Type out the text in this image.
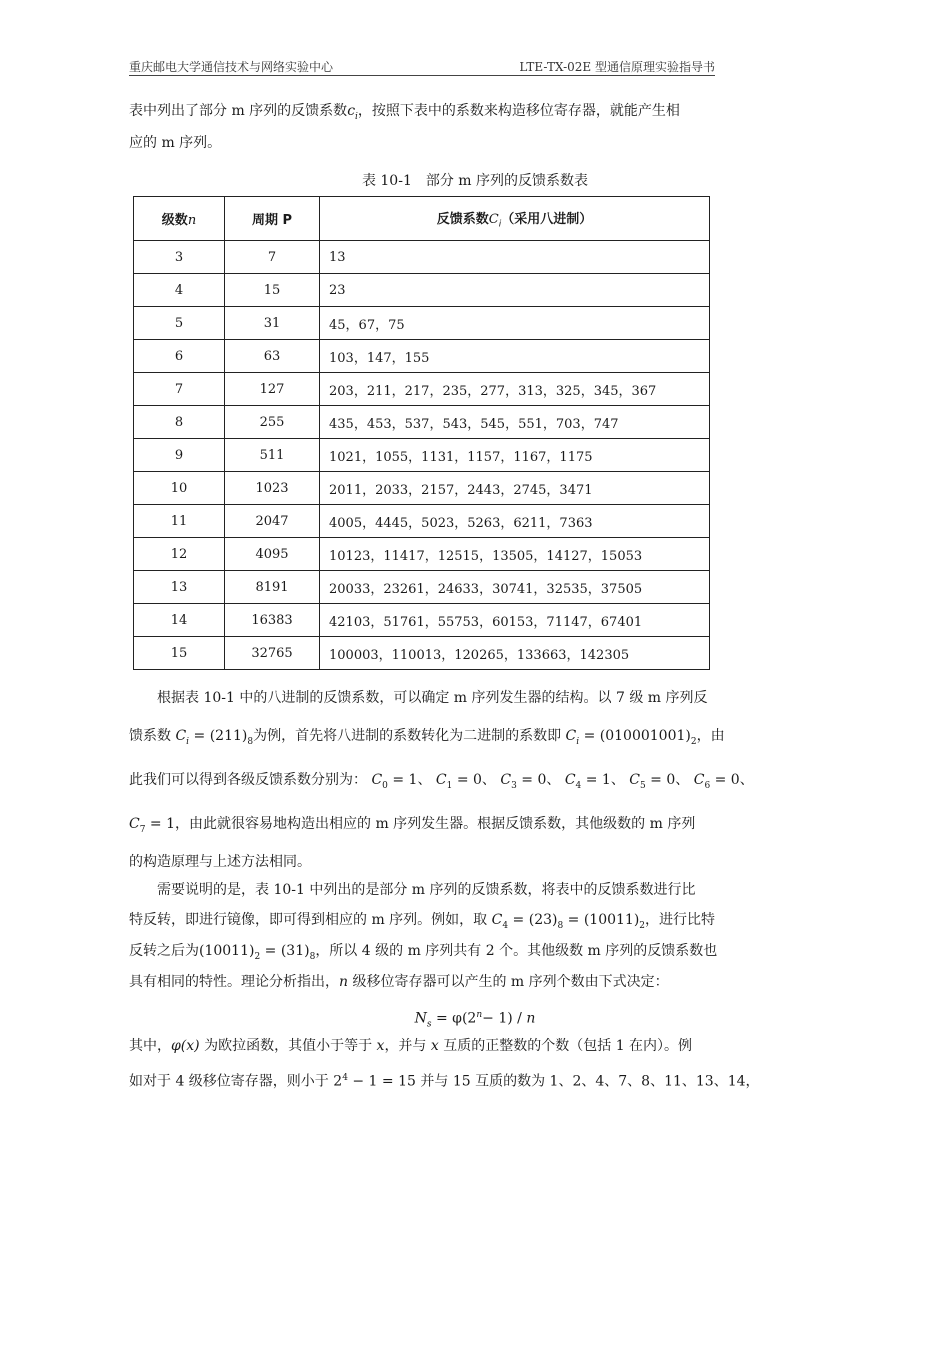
重庆邮电大学通信技术与网络实验中心	LTE-TX-02E 型通信原理实验指导书
表中列出了部分 m 序列的反馈系数$c_i$，按照下表中的系数来构造移位寄存器，就能产生相
应的 m 序列。
表 10-1　部分 m 序列的反馈系数表
级数n	周期 P	反馈系数$C_i$（采用八进制）
3	7	13
4	15	23
5	31	45，67，75
6	63	103，147，155
7	127	203，211，217，235，277，313，325，345，367
8	255	435，453，537，543，545，551，703，747
9	511	1021，1055，1131，1157，1167，1175
10	1023	2011，2033，2157，2443，2745，3471
11	2047	4005，4445，5023，5263，6211，7363
12	4095	10123，11417，12515，13505，14127，15053
13	8191	20033，23261，24633，30741，32535，37505
14	16383	42103，51761，55753，60153，71147，67401
15	32765	100003，110013，120265，133663，142305
根据表 10-1 中的八进制的反馈系数，可以确定 m 序列发生器的结构。以 7 级 m 序列反
馈系数 $C_i = (211)_8$为例，首先将八进制的系数转化为二进制的系数即 $C_i = (010001001)_2$，由
此我们可以得到各级反馈系数分别为： $C_0 = 1$、 $C_1 = 0$、 $C_3 = 0$、 $C_4 = 1$、 $C_5 = 0$、 $C_6 = 0$、
$C_7 = 1$，由此就很容易地构造出相应的 m 序列发生器。根据反馈系数，其他级数的 m 序列
的构造原理与上述方法相同。
需要说明的是，表 10-1 中列出的是部分 m 序列的反馈系数，将表中的反馈系数进行比
特反转，即进行镜像，即可得到相应的 m 序列。例如，取 $C_4 = (23)_8 = (10011)_2$，进行比特
反转之后为$(10011)_2 = (31)_8$，所以 4 级的 m 序列共有 2 个。其他级数 m 序列的反馈系数也
具有相同的特性。理论分析指出，n 级移位寄存器可以产生的 m 序列个数由下式决定：
$N_s = \varphi(2^n- 1) / n$
其中，φ(x) 为欧拉函数，其值小于等于 x，并与 x 互质的正整数的个数（包括 1 在内）。例
如对于 4 级移位寄存器，则小于 $2^4 - 1 = 15$ 并与 15 互质的数为 1、2、4、7、8、11、13、14，
